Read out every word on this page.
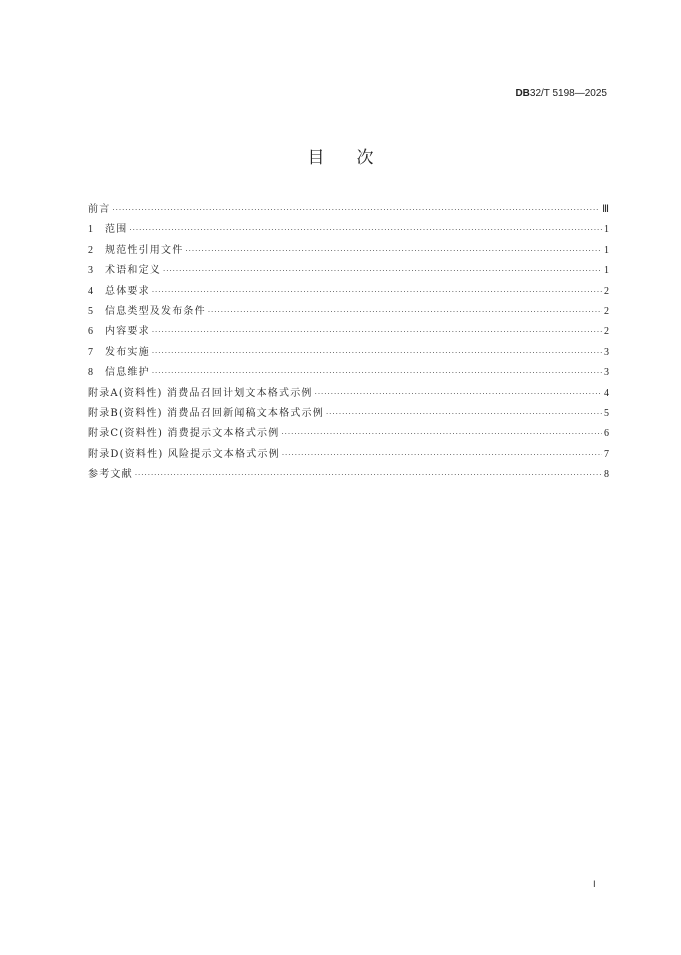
DB32/T 5198—2025
目次
前言 ·····	Ⅲ
1 范围 ·····	1
2 规范性引用文件 ·····	1
3 术语和定义 ·····	1
4 总体要求 ·····	2
5 信息类型及发布条件 ·····	2
6 内容要求 ·····	2
7 发布实施 ·····	3
8 信息维护 ·····	3
附录A(资料性) 消费品召回计划文本格式示例 ·····	4
附录B(资料性) 消费品召回新闻稿文本格式示例 ·····	5
附录C(资料性) 消费提示文本格式示例 ·····	6
附录D(资料性) 风险提示文本格式示例 ·····	7
参考文献 ·····	8
Ⅰ
